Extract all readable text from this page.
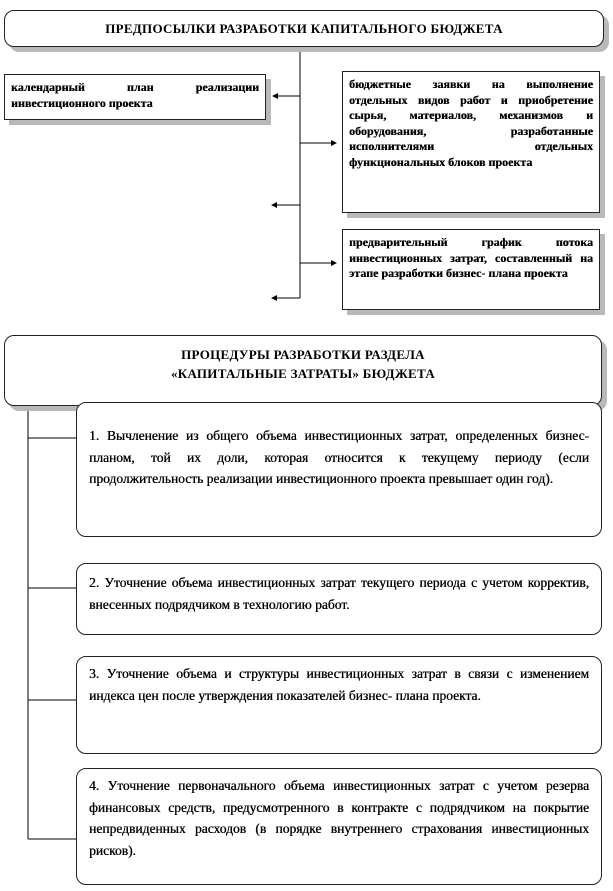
ПРЕДПОСЫЛКИ РАЗРАБОТКИ КАПИТАЛЬНОГО БЮДЖЕТА
календарный план реализации инвестиционного проекта
бюджетные заявки на выполнение отдельных видов работ и приобретение сырья, материалов, механизмов и оборудования, разработанные исполнителями отдельных функциональных блоков проекта
предварительный график потока инвестиционных затрат, составленный на этапе разработки бизнес- плана проекта
ПРОЦЕДУРЫ РАЗРАБОТКИ РАЗДЕЛА
«КАПИТАЛЬНЫЕ ЗАТРАТЫ» БЮДЖЕТА
1. Вычленение из общего объема инвестиционных затрат, определенных бизнес- планом, той их доли, которая относится к текущему периоду (если продолжительность реализации инвестиционного проекта превышает один год).
2. Уточнение объема инвестиционных затрат текущего периода с учетом корректив, внесенных подрядчиком в технологию работ.
3. Уточнение объема и структуры инвестиционных затрат в связи с изменением индекса цен после утверждения показателей бизнес- плана проекта.
4. Уточнение первоначального объема инвестиционных затрат с учетом резерва финансовых средств, предусмотренного в контракте с подрядчиком на покрытие непредвиденных расходов (в порядке внутреннего страхования инвестиционных рисков).
